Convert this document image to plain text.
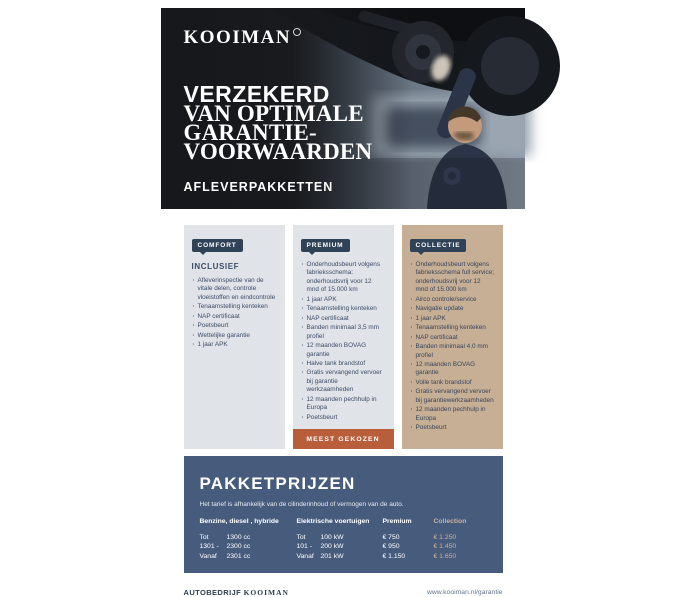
KOOIMAN
VERZEKERD
VAN OPTIMALE
GARANTIE-
VOORWAARDEN
AFLEVERPAKKETTEN
COMFORT
INCLUSIEF
· Afleverinspectie van de vitale delen, controle vloeistoffen en eindcontrole
· Tenaamstelling kenteken
· NAP certificaat
· Poetsbeurt
· Wettelijke garantie
· 1 jaar APK
PREMIUM
· Onderhoudsbeurt volgens fabrieksschema: onderhoudsvrij voor 12 mnd of 15.000 km
· 1 jaar APK
· Tenaamstelling kenteken
· NAP certificaat
· Banden minimaal 3,5 mm profiel
· 12 maanden BOVAG garantie
· Halve tank brandstof
· Gratis vervangend vervoer bij garantie werkzaamheden
· 12 maanden pechhulp in Europa
· Poetsbeurt
MEEST GEKOZEN
COLLECTIE
· Onderhoudsbeurt volgens fabrieksschema full service; onderhoudsvrij voor 12 mnd of 15.000 km
· Airco controle/service
· Navigatie update
· 1 jaar APK
· Tenaamstelling kenteken
· NAP certificaat
· Banden minimaal 4,0 mm profiel
· 12 maanden BOVAG garantie
· Volle tank brandstof
· Gratis vervangend vervoer bij garantiewerkzaamheden
· 12 maanden pechhulp in Europa
· Poetsbeurt
PAKKETPRIJZEN
Het tarief is afhankelijk van de cilinderinhoud of vermogen van de auto.
Benzine, diesel , hybride	Elektrische voertuigen	Premium	Collection
Tot	1300 cc	Tot 100 kW	€ 750	€ 1.250
1301 - 2300 cc	101 - 200 kW	€ 950	€ 1.450
Vanaf 2301 cc	Vanaf 201 kW	€ 1.150	€ 1.650
AUTOBEDRIJF KOOIMAN	www.kooiman.nl/garantie
